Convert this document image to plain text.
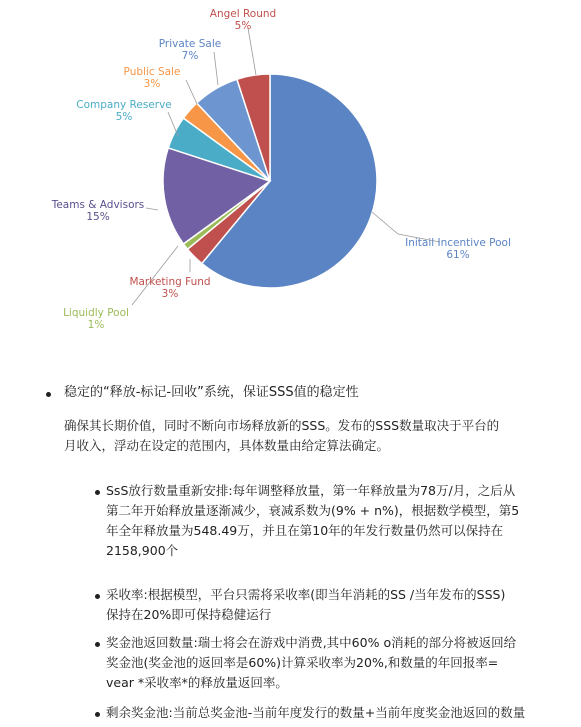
Initail Incentive Pool
61%
Marketing Fund
3%
Liquidly Pool
1%
Teams & Advisors
15%
Company Reserve
5%
Public Sale
3%
Private Sale
7%
Angel Round
5%
稳定的“释放-标记-回收”系统，保证SSS值的稳定性
确保其长期价值，同时不断向市场释放新的SSS。发布的SSS数量取决于平台的
月收入，浮动在设定的范围内，具体数量由给定算法确定。
SsS放行数量重新安排:每年调整释放量，第一年释放量为78万/月，之后从
第二年开始释放量逐渐减少，衰减系数为(9% + n%)，根据数学模型，第5
年全年释放量为548.49万，并且在第10年的年发行数量仍然可以保持在
2158,900个
采收率:根据模型，平台只需将采收率(即当年消耗的SS /当年发布的SSS)
保持在20%即可保持稳健运行
奖金池返回数量:瑞士将会在游戏中消费,其中60% o消耗的部分将被返回给
奖金池(奖金池的返回率是60%)计算采收率为20%,和数量的年回报率=
vear *采收率*的释放量返回率。
剩余奖金池:当前总奖金池-当前年度发行的数量+当前年度奖金池返回的数量
